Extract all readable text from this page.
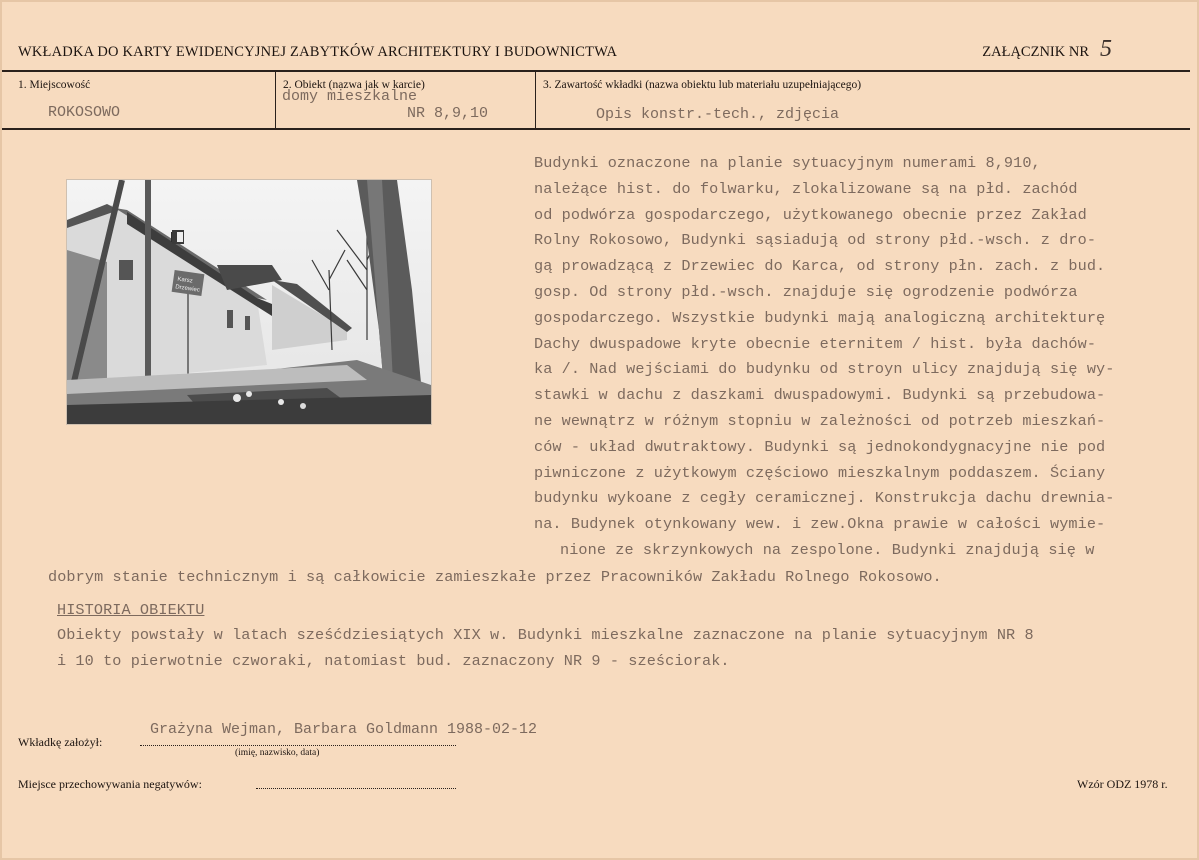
WKŁADKA DO KARTY EWIDENCYJNEJ ZABYTKÓW ARCHITEKTURY I BUDOWNICTWA	ZAŁĄCZNIK NR 5
1. Miejscowość
ROKOSOWO
2. Obiekt (nazwa jak w karcie)
domy mieszkalne
NR 8,9,10
3. Zawartość wkładki (nazwa obiektu lub materiału uzupełniającego)
Opis konstr.-tech., zdjęcia
Karsz
Drzewiec
Budynki oznaczone na planie sytuacyjnym numerami 8,910,
należące hist. do folwarku, zlokalizowane są na płd. zachód
od podwórza gospodarczego, użytkowanego obecnie przez Zakład
Rolny Rokosowo, Budynki sąsiadują od strony płd.-wsch. z dro-
gą prowadzącą z Drzewiec do Karca, od strony płn. zach. z bud.
gosp. Od strony płd.-wsch. znajduje się ogrodzenie podwórza
gospodarczego. Wszystkie budynki mają analogiczną architekturę
Dachy dwuspadowe kryte obecnie eternitem / hist. była dachów-
ka /. Nad wejściami do budynku od stroyn ulicy znajdują się wy-
stawki w dachu z daszkami dwuspadowymi. Budynki są przebudowa-
ne wewnątrz w różnym stopniu w zależności od potrzeb mieszkań-
ców - układ dwutraktowy. Budynki są jednokondygnacyjne nie pod
piwniczone z użytkowym częściowo mieszkalnym poddaszem. Ściany
budynku wykoane z cegły ceramicznej. Konstrukcja dachu drewnia-
na. Budynek otynkowany wew. i zew.Okna prawie w całości wymie-
nione ze skrzynkowych na zespolone. Budynki znajdują się w
dobrym stanie technicznym i są całkowicie zamieszkałe przez Pracowników Zakładu Rolnego Rokosowo.
HISTORIA OBIEKTU
Obiekty powstały w latach sześćdziesiątych XIX w. Budynki mieszkalne zaznaczone na planie sytuacyjnym NR 8
i 10 to pierwotnie czworaki, natomiast bud. zaznaczony NR 9 - sześciorak.
Wkładkę założył:
Grażyna Wejman, Barbara Goldmann 1988-02-12
(imię, nazwisko, data)
Miejsce przechowywania negatywów:	Wzór ODZ 1978 r.
